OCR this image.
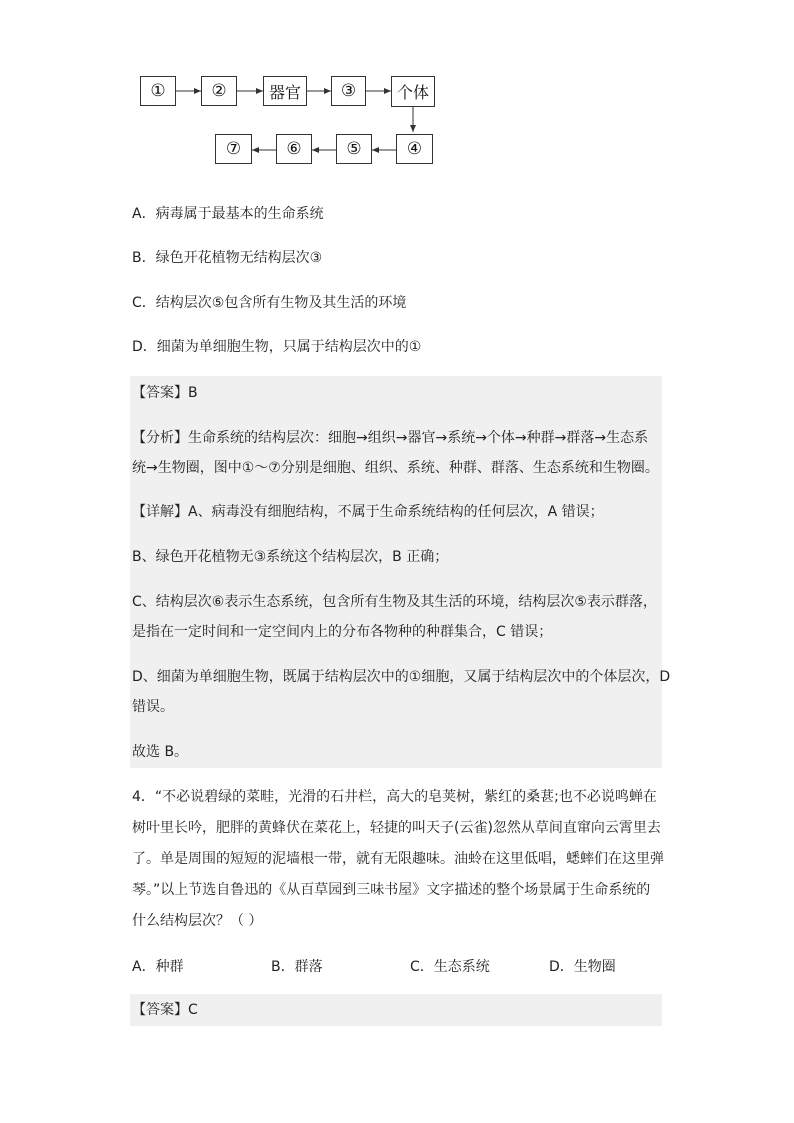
①	②	器官	③	个体
④
⑤
⑥
⑦
A．病毒属于最基本的生命系统
B．绿色开花植物无结构层次③
C．结构层次⑤包含所有生物及其生活的环境
D．细菌为单细胞生物，只属于结构层次中的①
【答案】B
【分析】生命系统的结构层次：细胞→组织→器官→系统→个体→种群→群落→生态系
统→生物圈，图中①～⑦分别是细胞、组织、系统、种群、群落、生态系统和生物圈。
【详解】A、病毒没有细胞结构，不属于生命系统结构的任何层次，A 错误；
B、绿色开花植物无③系统这个结构层次，B 正确；
C、结构层次⑥表示生态系统，包含所有生物及其生活的环境，结构层次⑤表示群落，
是指在一定时间和一定空间内上的分布各物种的种群集合，C 错误；
D、细菌为单细胞生物，既属于结构层次中的①细胞，又属于结构层次中的个体层次，D
错误。
故选 B。
4．“不必说碧绿的菜畦，光滑的石井栏，高大的皂荚树，紫红的桑葚;也不必说鸣蝉在
树叶里长吟，肥胖的黄蜂伏在菜花上，轻捷的叫天子(云雀)忽然从草间直窜向云霄里去
了。单是周围的短短的泥墙根一带，就有无限趣味。油蛉在这里低唱，蟋蟀们在这里弹
琴。”以上节选自鲁迅的《从百草园到三味书屋》文字描述的整个场景属于生命系统的
什么结构层次？（ ）
A．种群	B．群落	C．生态系统	D．生物圈
【答案】C
